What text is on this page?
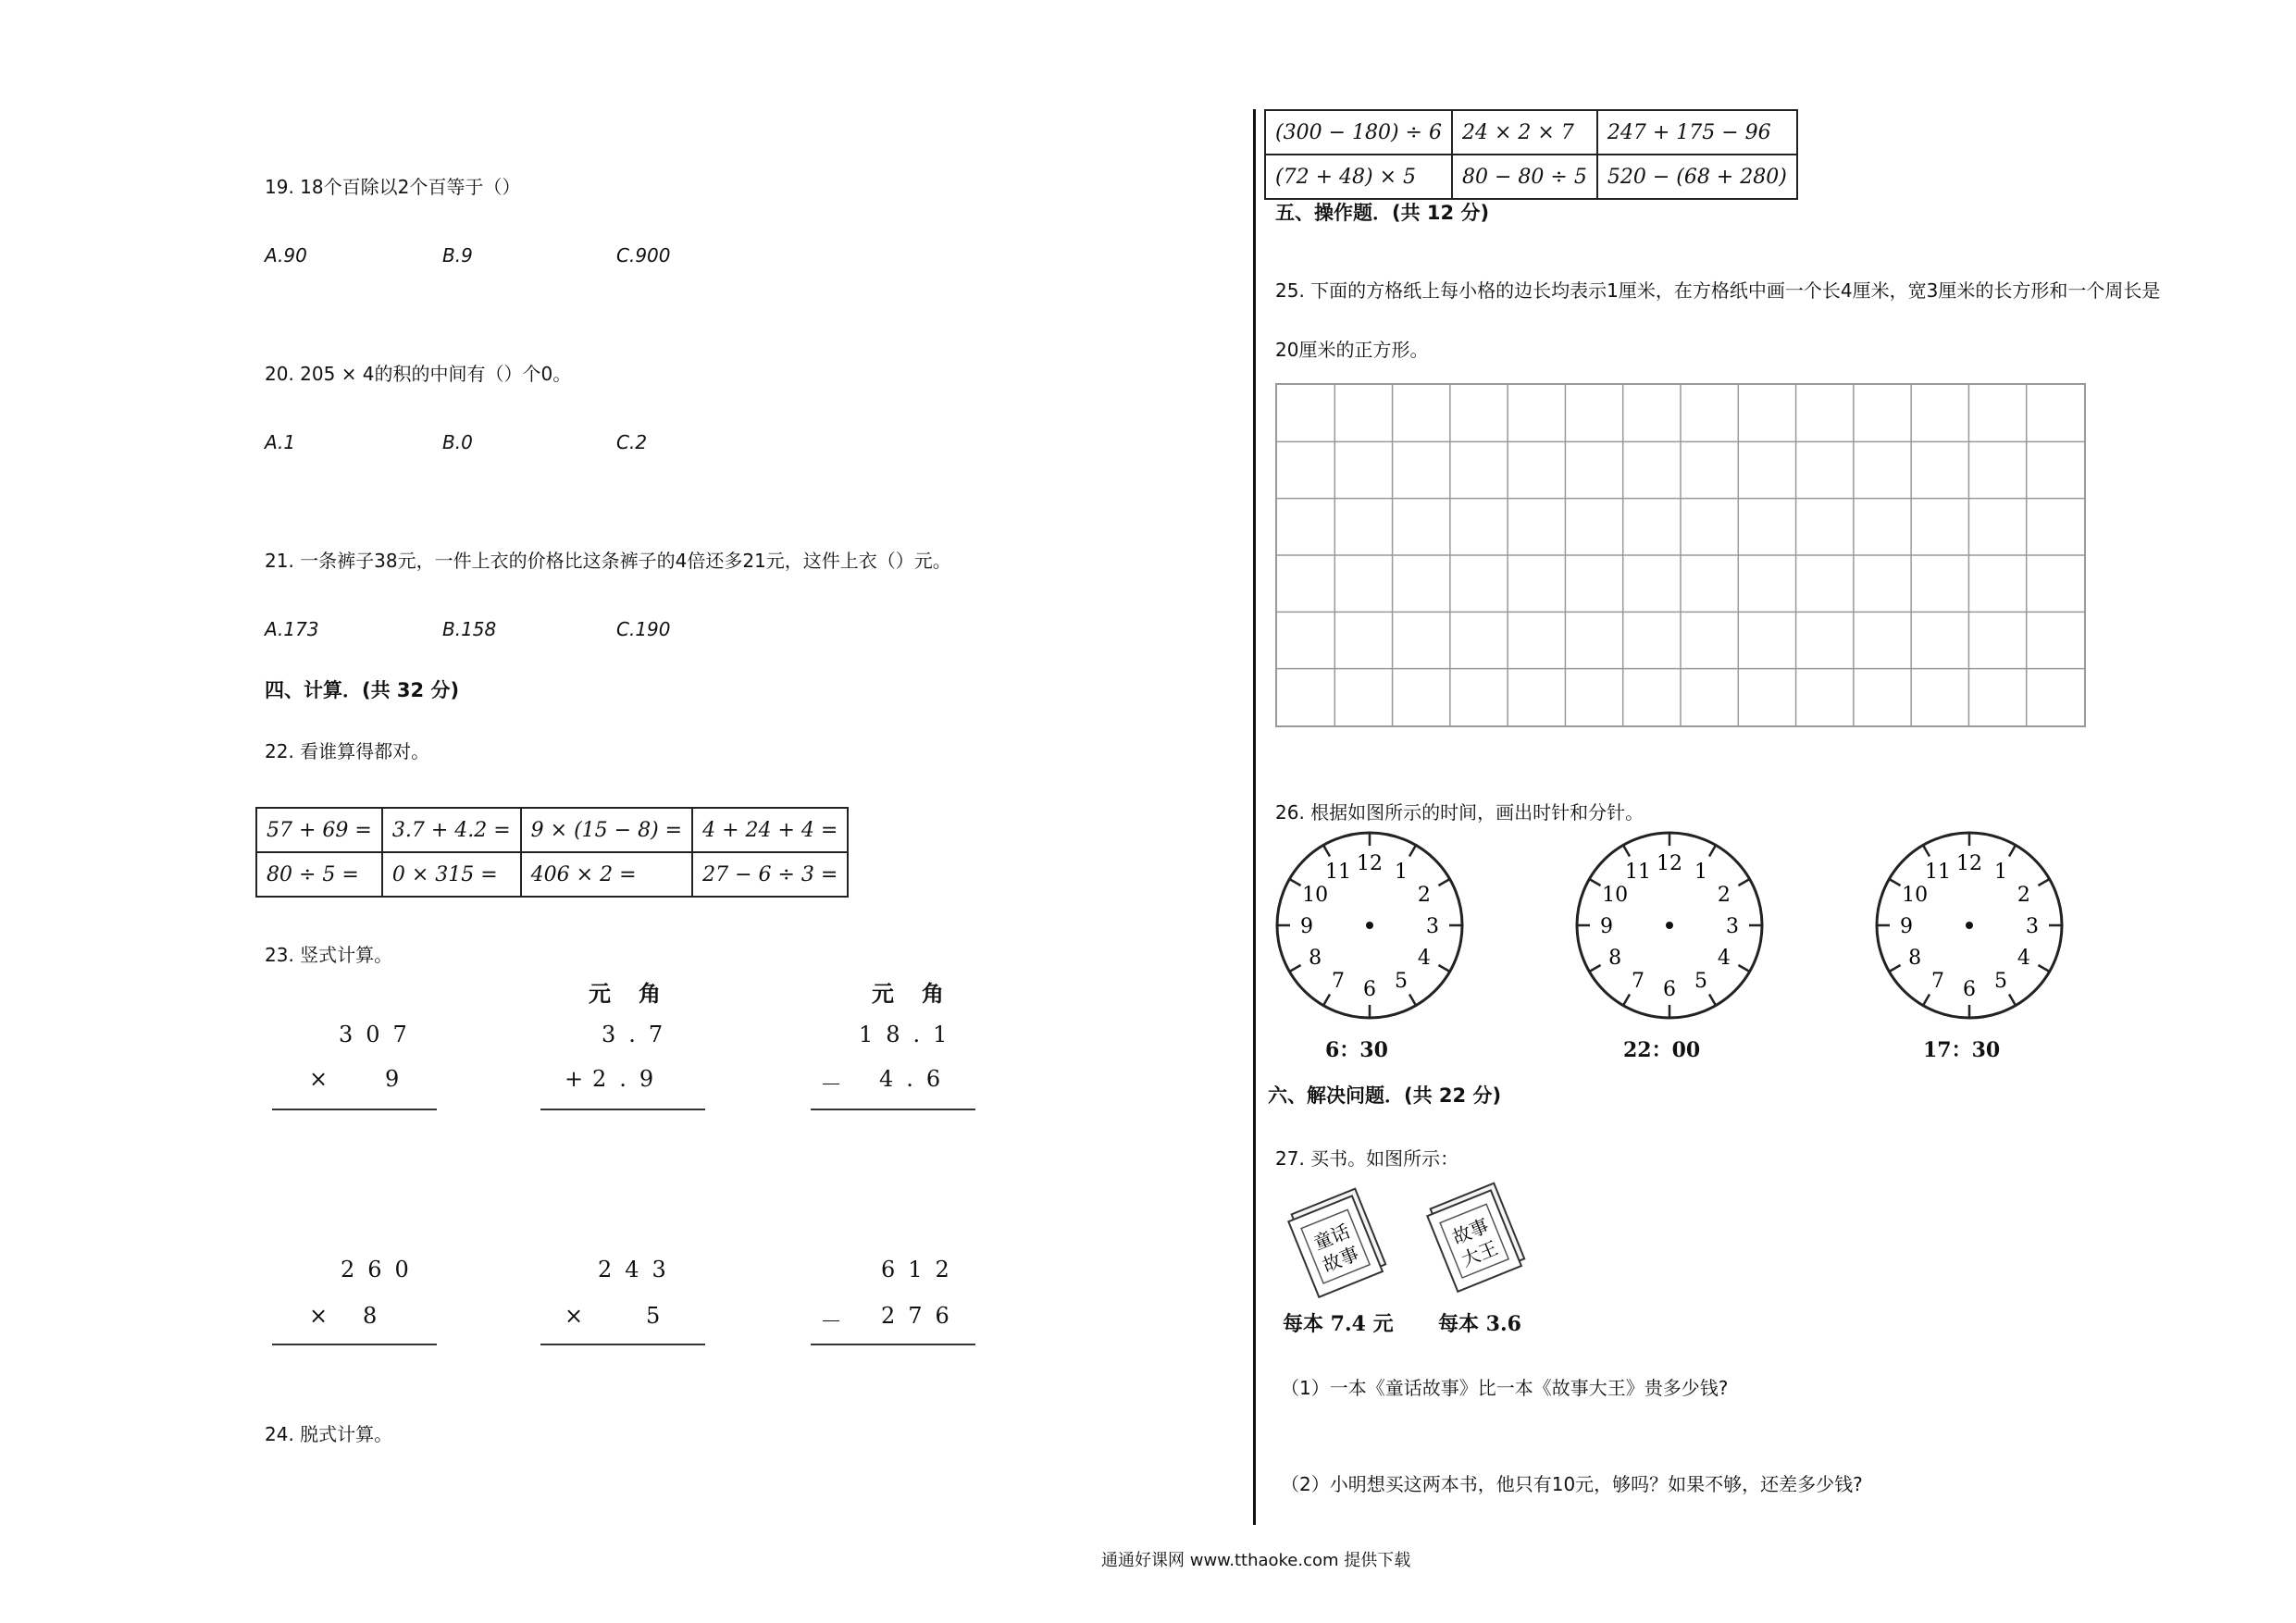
19. 18个百除以2个百等于（）
A.90	B.9	C.900
20. 205 × 4的积的中间有（）个0。
A.1	B.0	C.2
21. 一条裤子38元，一件上衣的价格比这条裤子的4倍还多21元，这件上衣（）元。
A.173	B.158	C.190
四、计算．(共 32 分)
22. 看谁算得都对。
57 + 69 =	3.7 + 4.2 =	9 × (15 − 8) =	4 + 24 + 4 =
80 ÷ 5 =	0 × 315 =	406 × 2 =	27 − 6 ÷ 3 =
23. 竖式计算。
元角	元角
307
× 9
3.7
+
2.9
18.1
－ 4.6
260
× 8
243
× 5
612
－ 276
24. 脱式计算。
(300 − 180) ÷ 6	24 × 2 × 7	247 + 175 − 96
(72 + 48) × 5	80 − 80 ÷ 5	520 − (68 + 280)
五、操作题．(共 12 分)
25. 下面的方格纸上每小格的边长均表示1厘米，在方格纸中画一个长4厘米，宽3厘米的长方形和一个周长是
20厘米的正方形。
26. 根据如图所示的时间，画出时针和分针。
12 1
2
3
4
5
6
7
8
9
10
11	12 1
2
3
4
5
6
7
8
9
10
11	12 1
2
3
4
5
6
7
8
9
10
11
6：30	22：00	17：30
六、解决问题．(共 22 分)
27. 买书。如图所示：
童话
故事
故事
大王
每本 7.4 元 每本 3.6
（1）一本《童话故事》比一本《故事大王》贵多少钱?
（2）小明想买这两本书，他只有10元，够吗？如果不够，还差多少钱?
通通好课网 www.tthaoke.com 提供下载
